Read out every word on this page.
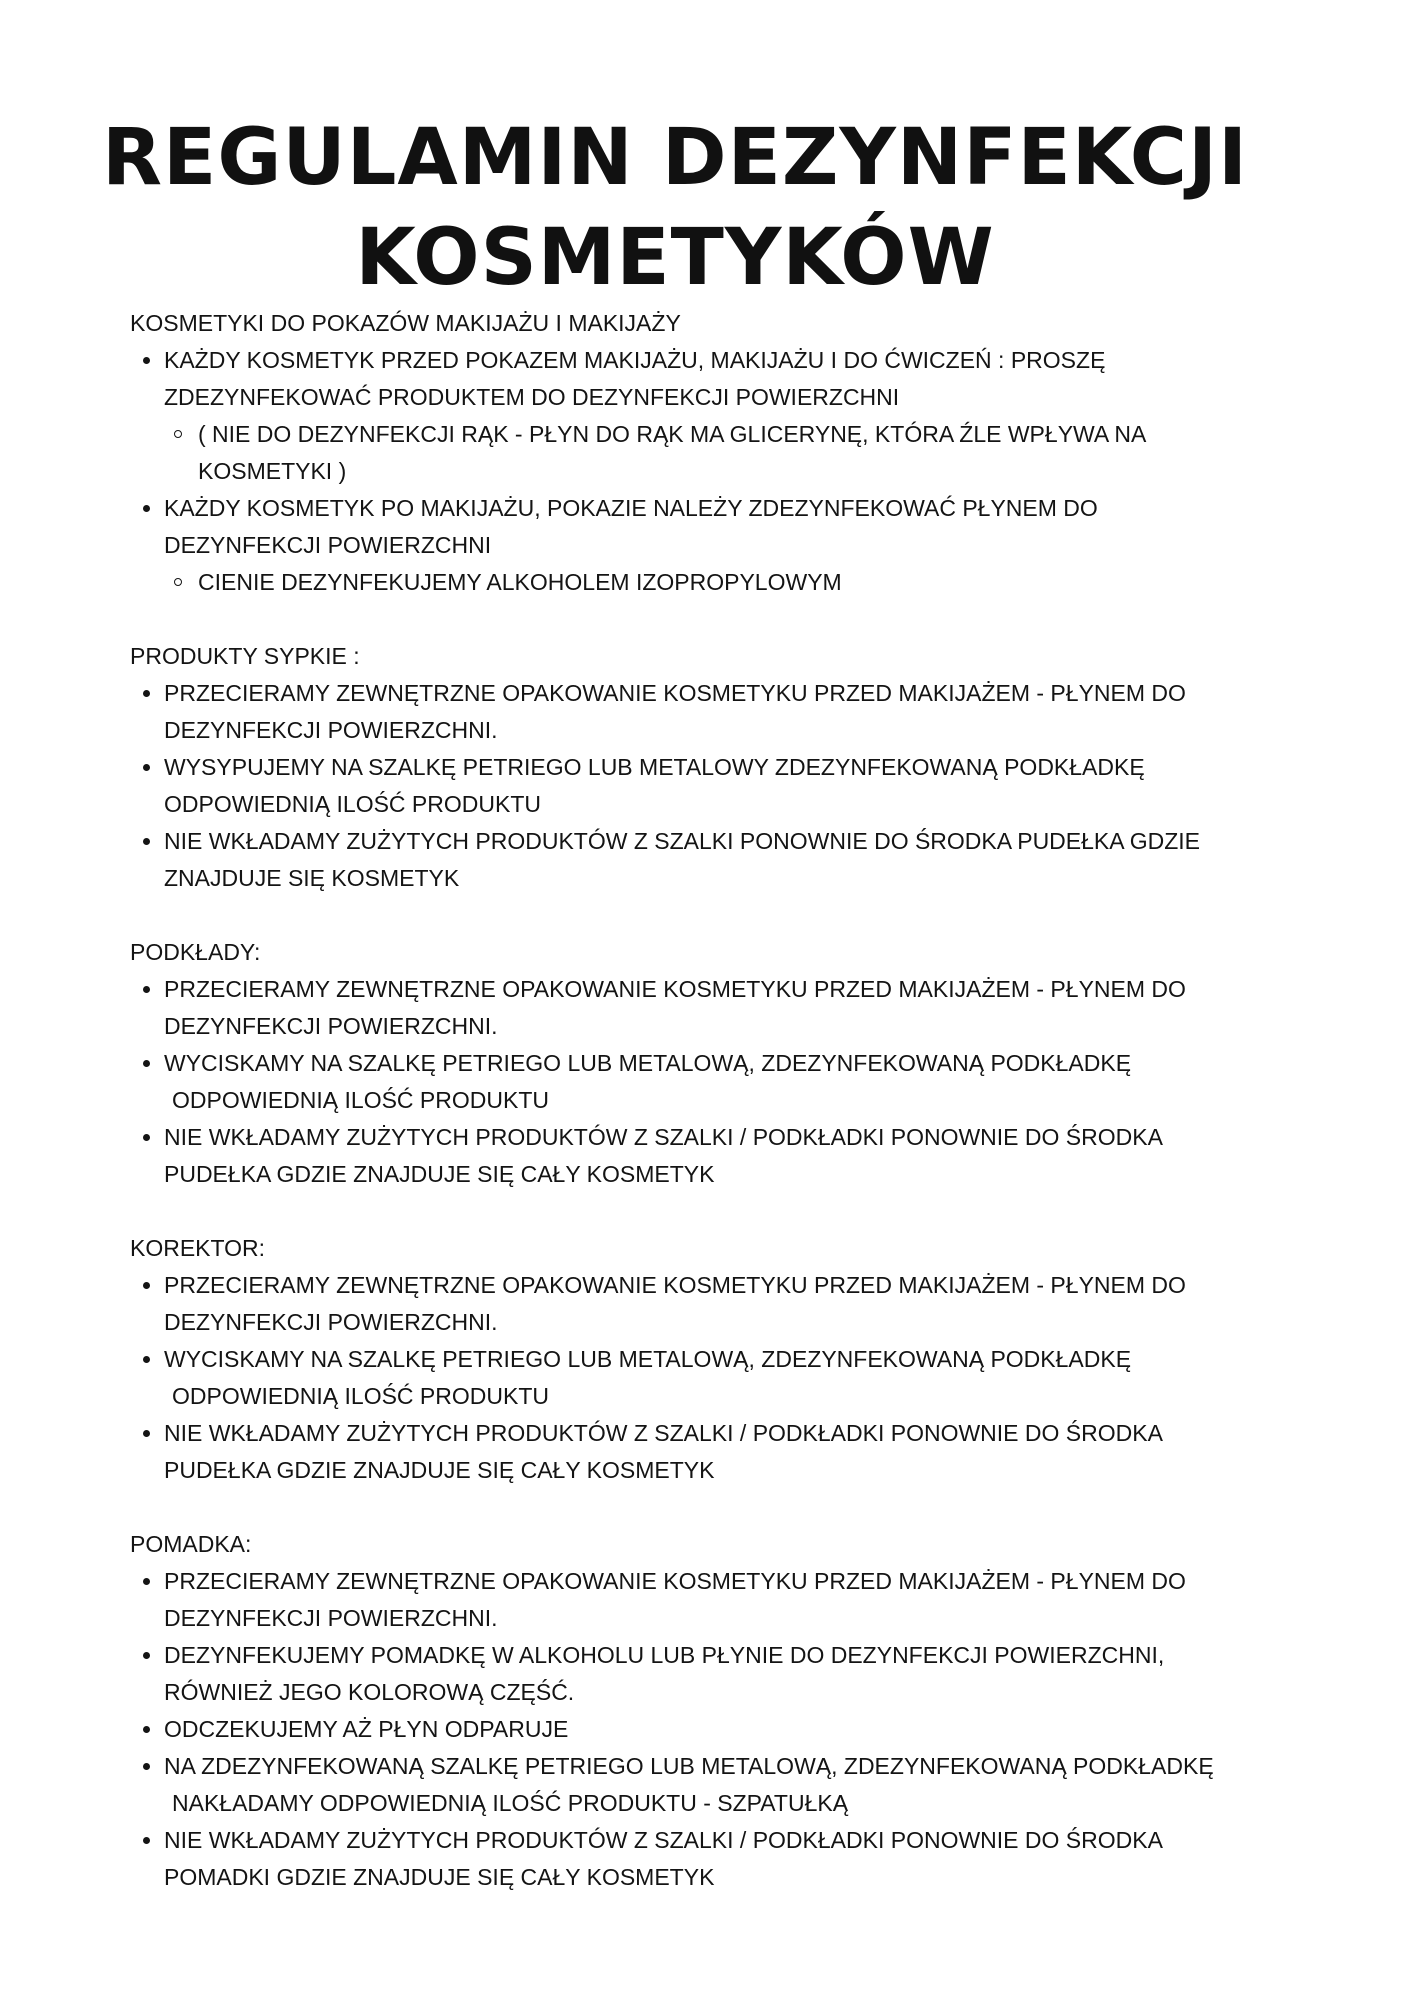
REGULAMIN DEZYNFEKCJI
KOSMETYKÓW

KOSMETYKI DO POKAZÓW MAKIJAŻU I MAKIJAŻY

KAŻDY KOSMETYK PRZED POKAZEM MAKIJAŻU, MAKIJAŻU I DO ĆWICZEŃ : PROSZĘ ZDEZYNFEKOWAĆ PRODUKTEM DO DEZYNFEKCJI POWIERZCHNI
( NIE DO DEZYNFEKCJI RĄK - PŁYN DO RĄK MA GLICERYNĘ, KTÓRA ŹLE WPŁYWA NA KOSMETYKI )
KAŻDY KOSMETYK PO MAKIJAŻU, POKAZIE NALEŻY ZDEZYNFEKOWAĆ PŁYNEM DO DEZYNFEKCJI POWIERZCHNI
CIENIE DEZYNFEKUJEMY ALKOHOLEM IZOPROPYLOWYM

PRODUKTY SYPKIE :

PRZECIERAMY ZEWNĘTRZNE OPAKOWANIE KOSMETYKU PRZED MAKIJAŻEM - PŁYNEM DO DEZYNFEKCJI POWIERZCHNI.
WYSYPUJEMY NA SZALKĘ PETRIEGO LUB METALOWY ZDEZYNFEKOWANĄ PODKŁADKĘ ODPOWIEDNIĄ ILOŚĆ PRODUKTU
NIE WKŁADAMY ZUŻYTYCH PRODUKTÓW Z SZALKI PONOWNIE DO ŚRODKA PUDEŁKA GDZIE ZNAJDUJE SIĘ KOSMETYK

PODKŁADY:

PRZECIERAMY ZEWNĘTRZNE OPAKOWANIE KOSMETYKU PRZED MAKIJAŻEM - PŁYNEM DO DEZYNFEKCJI POWIERZCHNI.
WYCISKAMY NA SZALKĘ PETRIEGO LUB METALOWĄ, ZDEZYNFEKOWANĄ PODKŁADKĘ
ODPOWIEDNIĄ ILOŚĆ PRODUKTU
NIE WKŁADAMY ZUŻYTYCH PRODUKTÓW Z SZALKI / PODKŁADKI PONOWNIE DO ŚRODKA PUDEŁKA GDZIE ZNAJDUJE SIĘ CAŁY KOSMETYK

KOREKTOR:

PRZECIERAMY ZEWNĘTRZNE OPAKOWANIE KOSMETYKU PRZED MAKIJAŻEM - PŁYNEM DO DEZYNFEKCJI POWIERZCHNI.
WYCISKAMY NA SZALKĘ PETRIEGO LUB METALOWĄ, ZDEZYNFEKOWANĄ PODKŁADKĘ
ODPOWIEDNIĄ ILOŚĆ PRODUKTU
NIE WKŁADAMY ZUŻYTYCH PRODUKTÓW Z SZALKI / PODKŁADKI PONOWNIE DO ŚRODKA PUDEŁKA GDZIE ZNAJDUJE SIĘ CAŁY KOSMETYK

POMADKA:

PRZECIERAMY ZEWNĘTRZNE OPAKOWANIE KOSMETYKU PRZED MAKIJAŻEM - PŁYNEM DO DEZYNFEKCJI POWIERZCHNI.
DEZYNFEKUJEMY POMADKĘ W ALKOHOLU LUB PŁYNIE DO DEZYNFEKCJI POWIERZCHNI, RÓWNIEŻ JEGO KOLOROWĄ CZĘŚĆ.
ODCZEKUJEMY AŻ PŁYN ODPARUJE
NA ZDEZYNFEKOWANĄ SZALKĘ PETRIEGO LUB METALOWĄ, ZDEZYNFEKOWANĄ PODKŁADKĘ
NAKŁADAMY ODPOWIEDNIĄ ILOŚĆ PRODUKTU - SZPATUŁKĄ
NIE WKŁADAMY ZUŻYTYCH PRODUKTÓW Z SZALKI / PODKŁADKI PONOWNIE DO ŚRODKA POMADKI GDZIE ZNAJDUJE SIĘ CAŁY KOSMETYK
